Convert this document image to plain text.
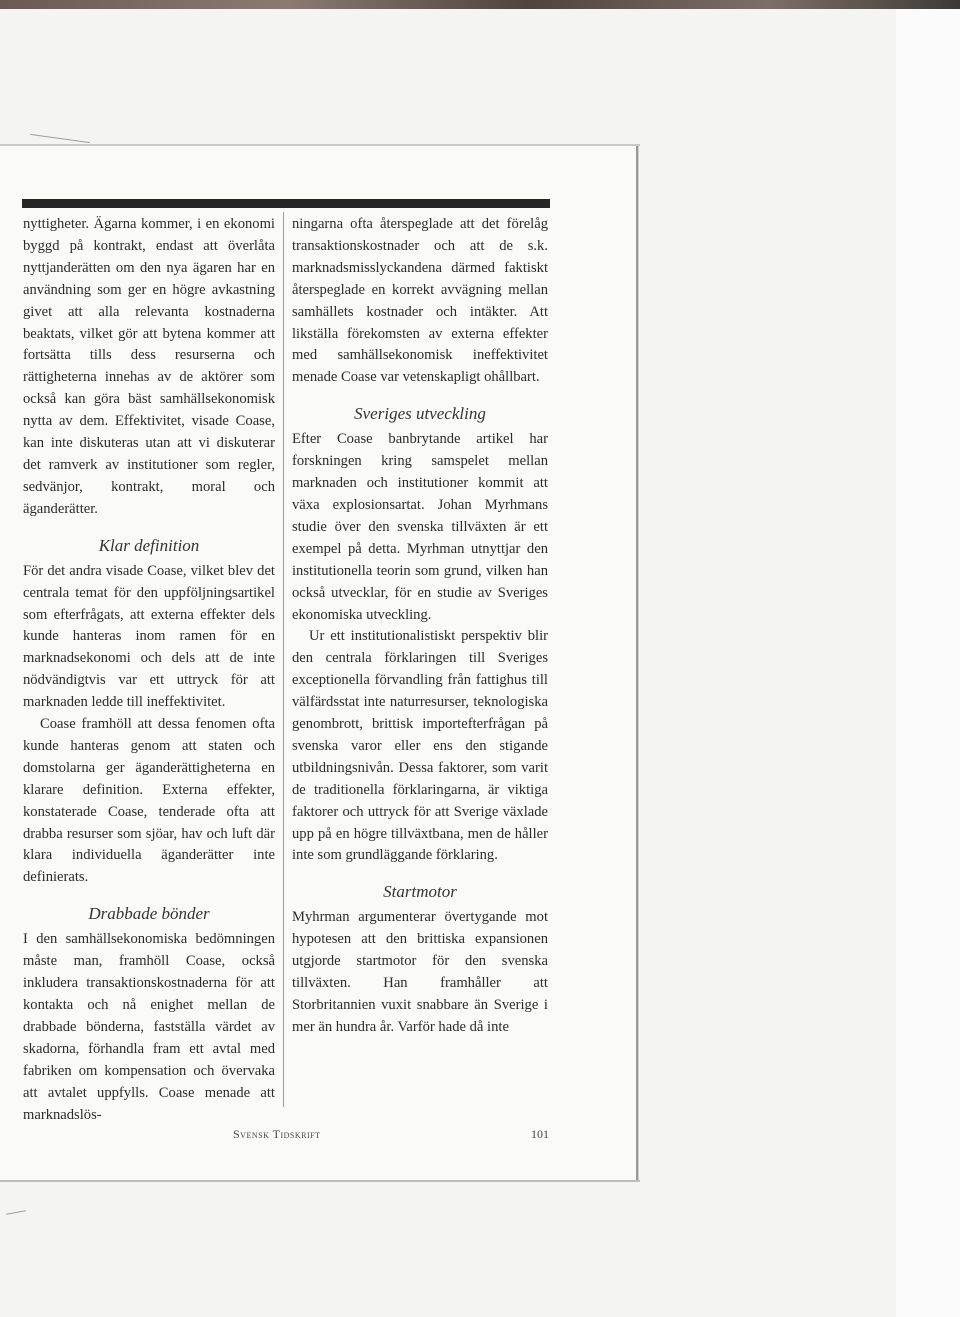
nyttigheter. Ägarna kommer, i en ekonomi byggd på kontrakt, endast att överlåta nyttjanderätten om den nya ägaren har en användning som ger en högre avkastning givet att alla relevanta kostnaderna beaktats, vilket gör att bytena kommer att fortsätta tills dess resurserna och rättigheterna innehas av de aktörer som också kan göra bäst samhällsekonomisk nytta av dem. Effektivitet, visade Coase, kan inte diskuteras utan att vi diskuterar det ramverk av institutioner som regler, sedvänjor, kontrakt, moral och äganderätter.

Klar definition

För det andra visade Coase, vilket blev det centrala temat för den uppföljningsartikel som efterfrågats, att externa effekter dels kunde hanteras inom ramen för en marknadsekonomi och dels att de inte nödvändigtvis var ett uttryck för att marknaden ledde till ineffektivitet.

Coase framhöll att dessa fenomen ofta kunde hanteras genom att staten och domstolarna ger äganderättigheterna en klarare definition. Externa effekter, konstaterade Coase, tenderade ofta att drabba resurser som sjöar, hav och luft där klara individuella äganderätter inte definierats.

Drabbade bönder

I den samhällsekonomiska bedömningen måste man, framhöll Coase, också inkludera transaktionskostnaderna för att kontakta och nå enighet mellan de drabbade bönderna, fastställa värdet av skadorna, förhandla fram ett avtal med fabriken om kompensation och övervaka att avtalet uppfylls. Coase menade att marknadslös-

ningarna ofta återspeglade att det förelåg transaktionskostnader och att de s.k. marknadsmisslyckandena därmed faktiskt återspeglade en korrekt avvägning mellan samhällets kostnader och intäkter. Att likställa förekomsten av externa effekter med samhällsekonomisk ineffektivitet menade Coase var vetenskapligt ohållbart.

Sveriges utveckling

Efter Coase banbrytande artikel har forskningen kring samspelet mellan marknaden och institutioner kommit att växa explosionsartat. Johan Myrhmans studie över den svenska tillväxten är ett exempel på detta. Myrhman utnyttjar den institutionella teorin som grund, vilken han också utvecklar, för en studie av Sveriges ekonomiska utveckling.

Ur ett institutionalistiskt perspektiv blir den centrala förklaringen till Sveriges exceptionella förvandling från fattighus till välfärdsstat inte naturresurser, teknologiska genombrott, brittisk importefterfrågan på svenska varor eller ens den stigande utbildningsnivån. Dessa faktorer, som varit de traditionella förklaringarna, är viktiga faktorer och uttryck för att Sverige växlade upp på en högre tillväxtbana, men de håller inte som grundläggande förklaring.

Startmotor

Myhrman argumenterar övertygande mot hypotesen att den brittiska expansionen utgjorde startmotor för den svenska tillväxten. Han framhåller att Storbritannien vuxit snabbare än Sverige i mer än hundra år. Varför hade då inte

Svensk Tidskrift	101
